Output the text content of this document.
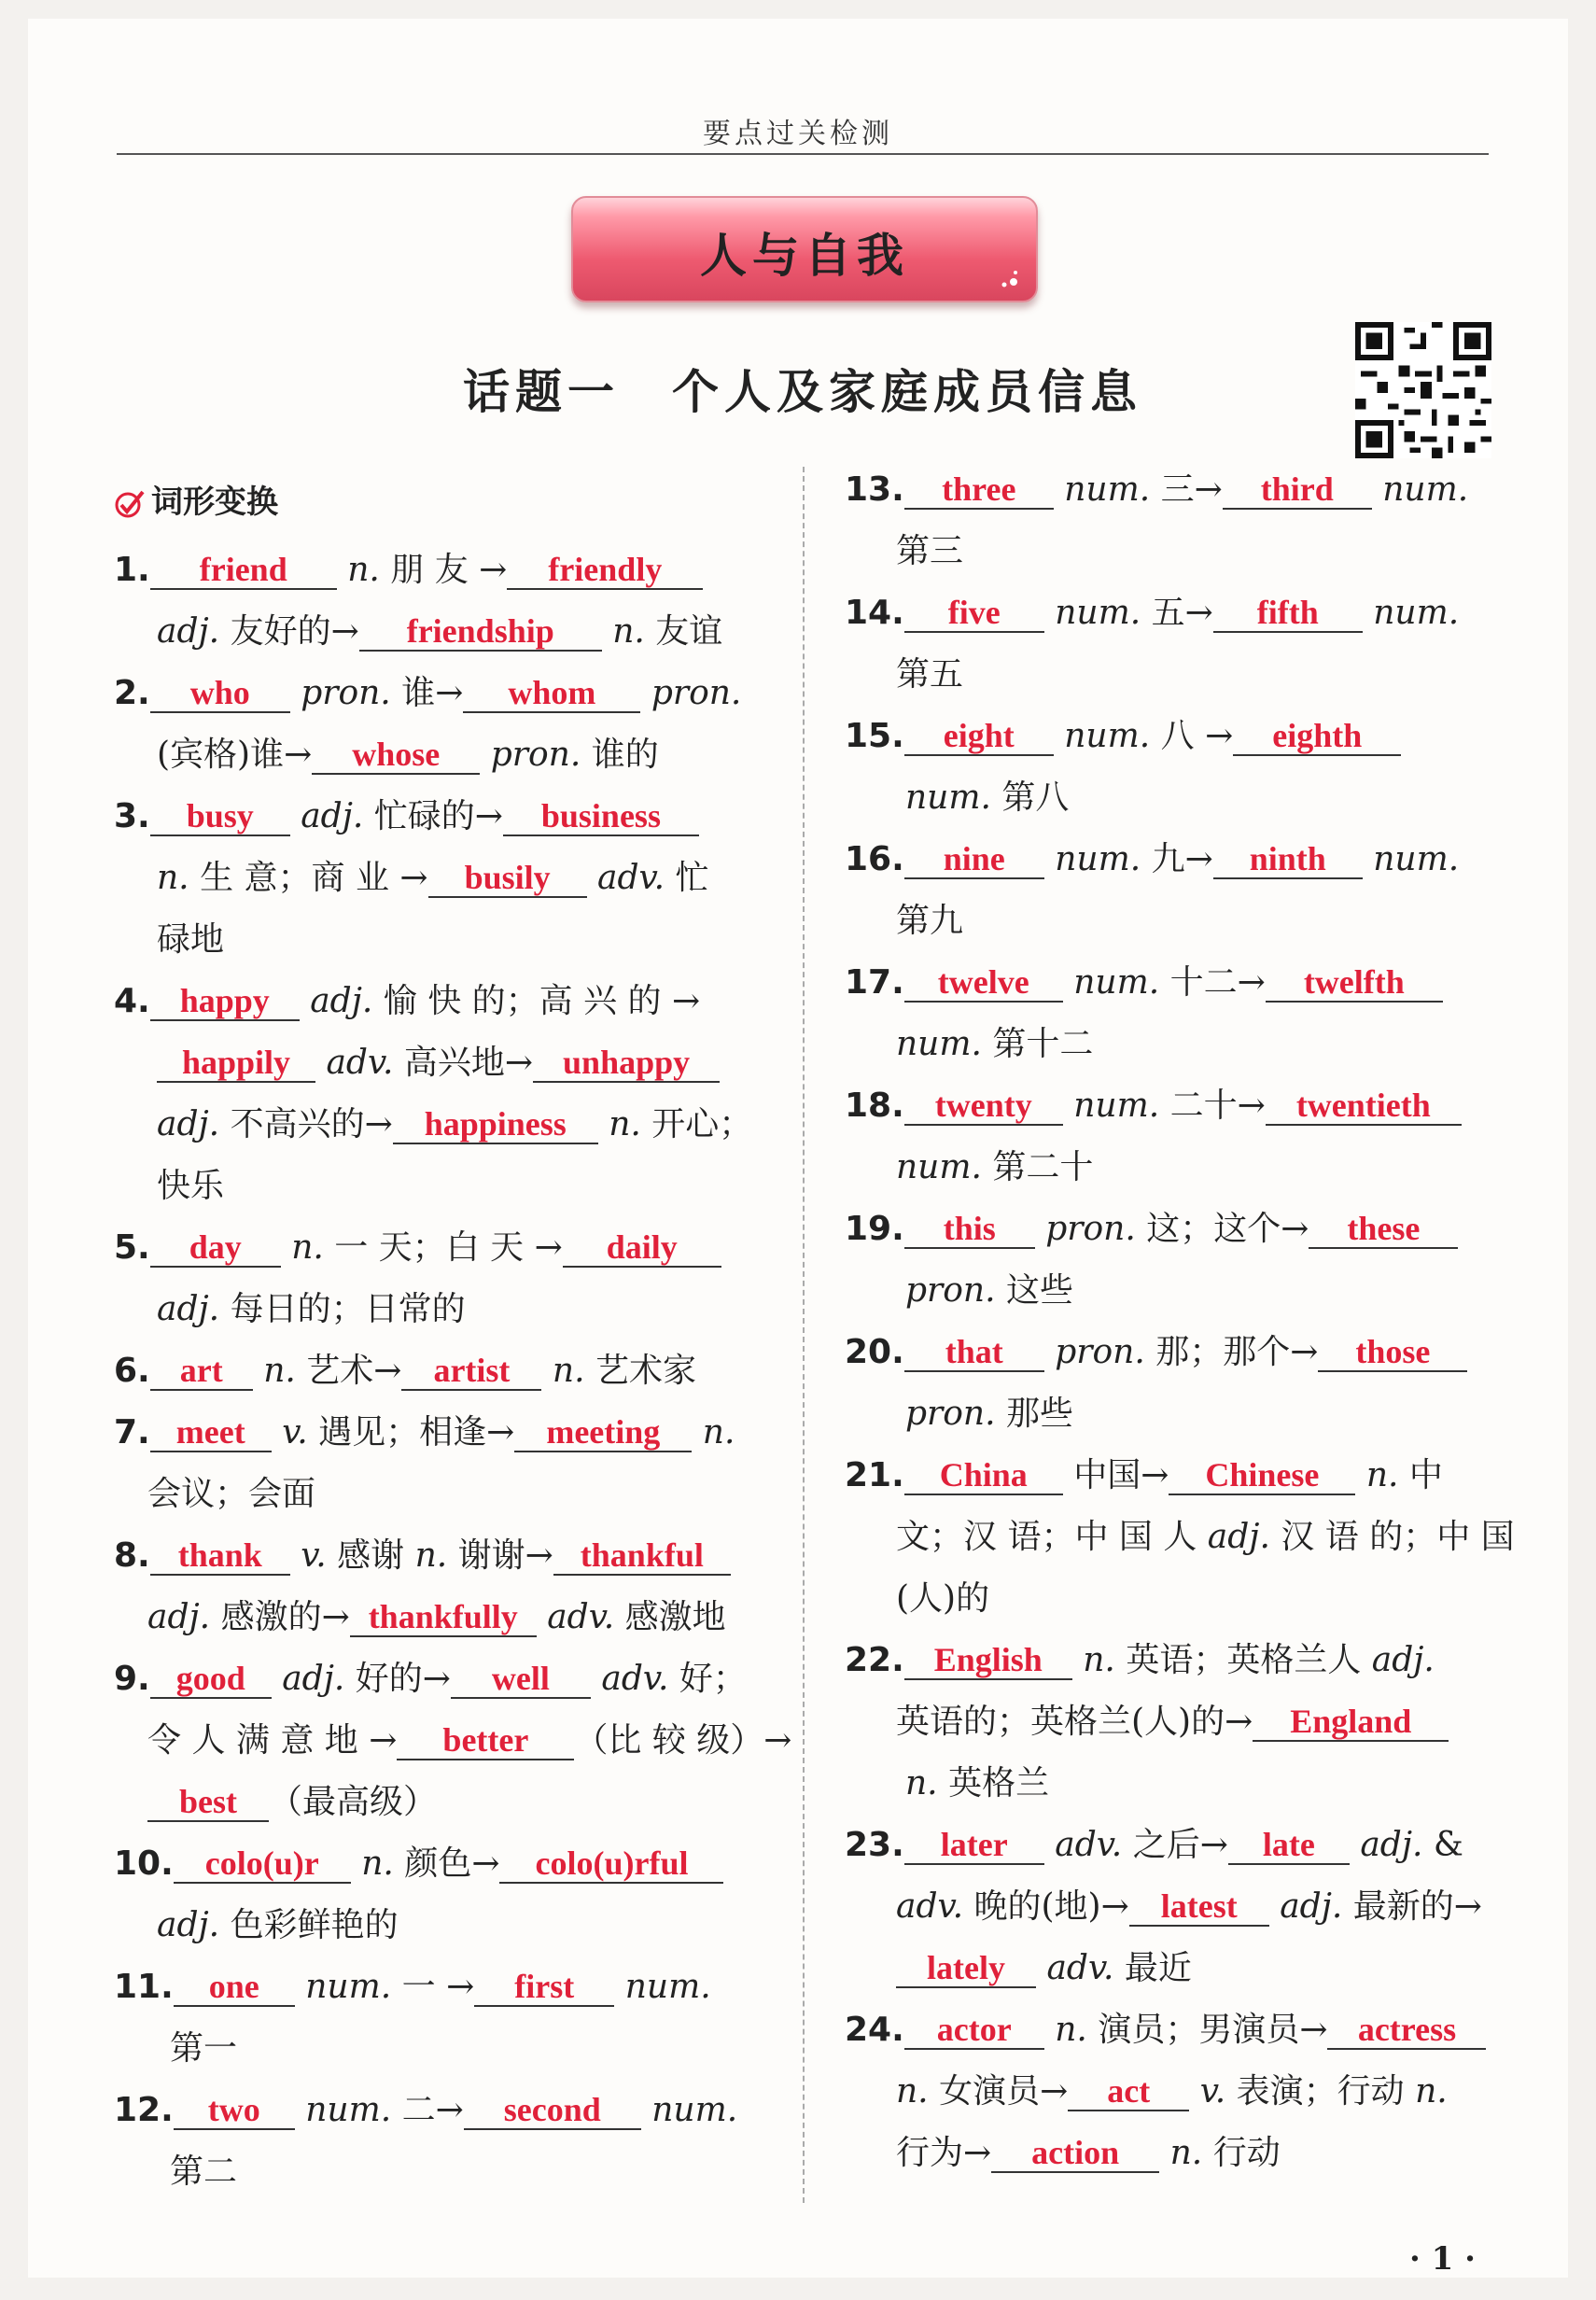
要点过关检测
人与自我
话题一　个人及家庭成员信息
词形变换
1. friend n. 朋 友 → friendly
adj. 友好的→ friendship n. 友谊
2. who pron. 谁→ whom pron.
(宾格)谁→ whose pron. 谁的
3. busy adj. 忙碌的→ business
n. 生 意；商 业 → busily adv. 忙
碌地
4. happy adj. 愉 快 的；高 兴 的 →
happily adv. 高兴地→ unhappy
adj. 不高兴的→ happiness n. 开心；
快乐
5. day n. 一 天；白 天 → daily
adj. 每日的；日常的
6. art n. 艺术→ artist n. 艺术家
7. meet v. 遇见；相逢→ meeting n.
会议；会面
8. thank v. 感谢 n. 谢谢→ thankful
adj. 感激的→ thankfully adv. 感激地
9. good adj. 好的→ well adv. 好；
令 人 满 意 地 → better （比 较 级）→
best （最高级）
10. colo(u)r n. 颜色→ colo(u)rful
adj. 色彩鲜艳的
11. one num. 一 → first num.
第一
12. two num. 二→ second num.
第二
13. three num. 三→ third num.
第三
14. five num. 五→ fifth num.
第五
15. eight num. 八 → eighth
num. 第八
16. nine num. 九→ ninth num.
第九
17. twelve num. 十二→ twelfth
num. 第十二
18. twenty num. 二十→ twentieth
num. 第二十
19. this pron. 这；这个→ these
pron. 这些
20. that pron. 那；那个→ those
pron. 那些
21. China 中国→ Chinese n. 中
文；汉 语；中 国 人 adj. 汉 语 的；中 国
(人)的
22. English n. 英语；英格兰人 adj.
英语的；英格兰(人)的→ England
n. 英格兰
23. later adv. 之后→ late adj. &
adv. 晚的(地)→ latest adj. 最新的→
lately adv. 最近
24. actor n. 演员；男演员→ actress
n. 女演员→ act v. 表演；行动 n.
行为→ action n. 行动
· 1 ·
